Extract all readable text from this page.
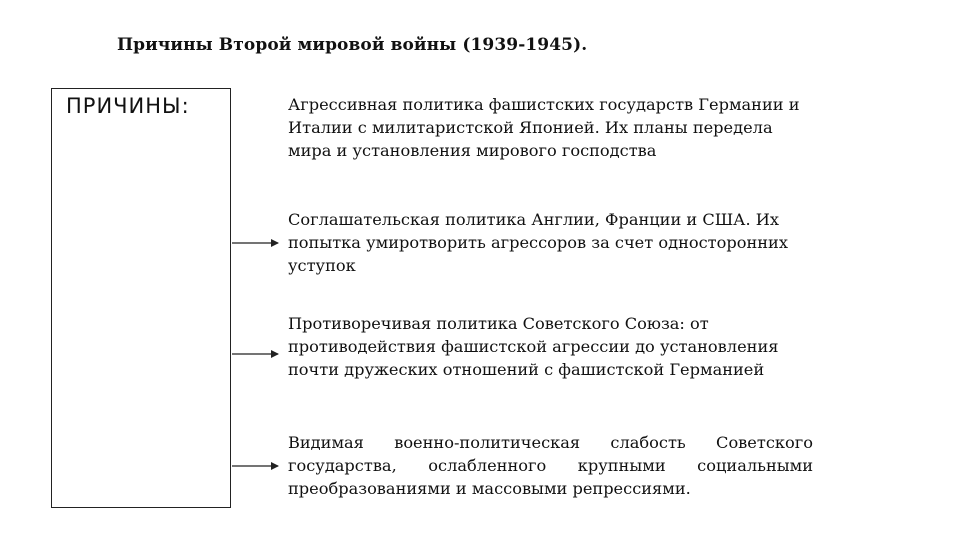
Причины Второй мировой войны (1939-1945).
ПРИЧИНЫ:	Агрессивная политика фашистских государств Германии и Италии с милитаристской Японией. Их планы передела мира и установления мирового господства

Соглашательская политика Англии, Франции и США. Их попытка умиротворить агрессоров за счет односторонних уступок

Противоречивая политика Советского Союза: от противодействия фашистской агрессии до установления почти дружеских отношений с фашистской Германией

Видимая военно-политическая слабость Советского государства, ослабленного крупными социальными преобразованиями и массовыми репрессиями.
